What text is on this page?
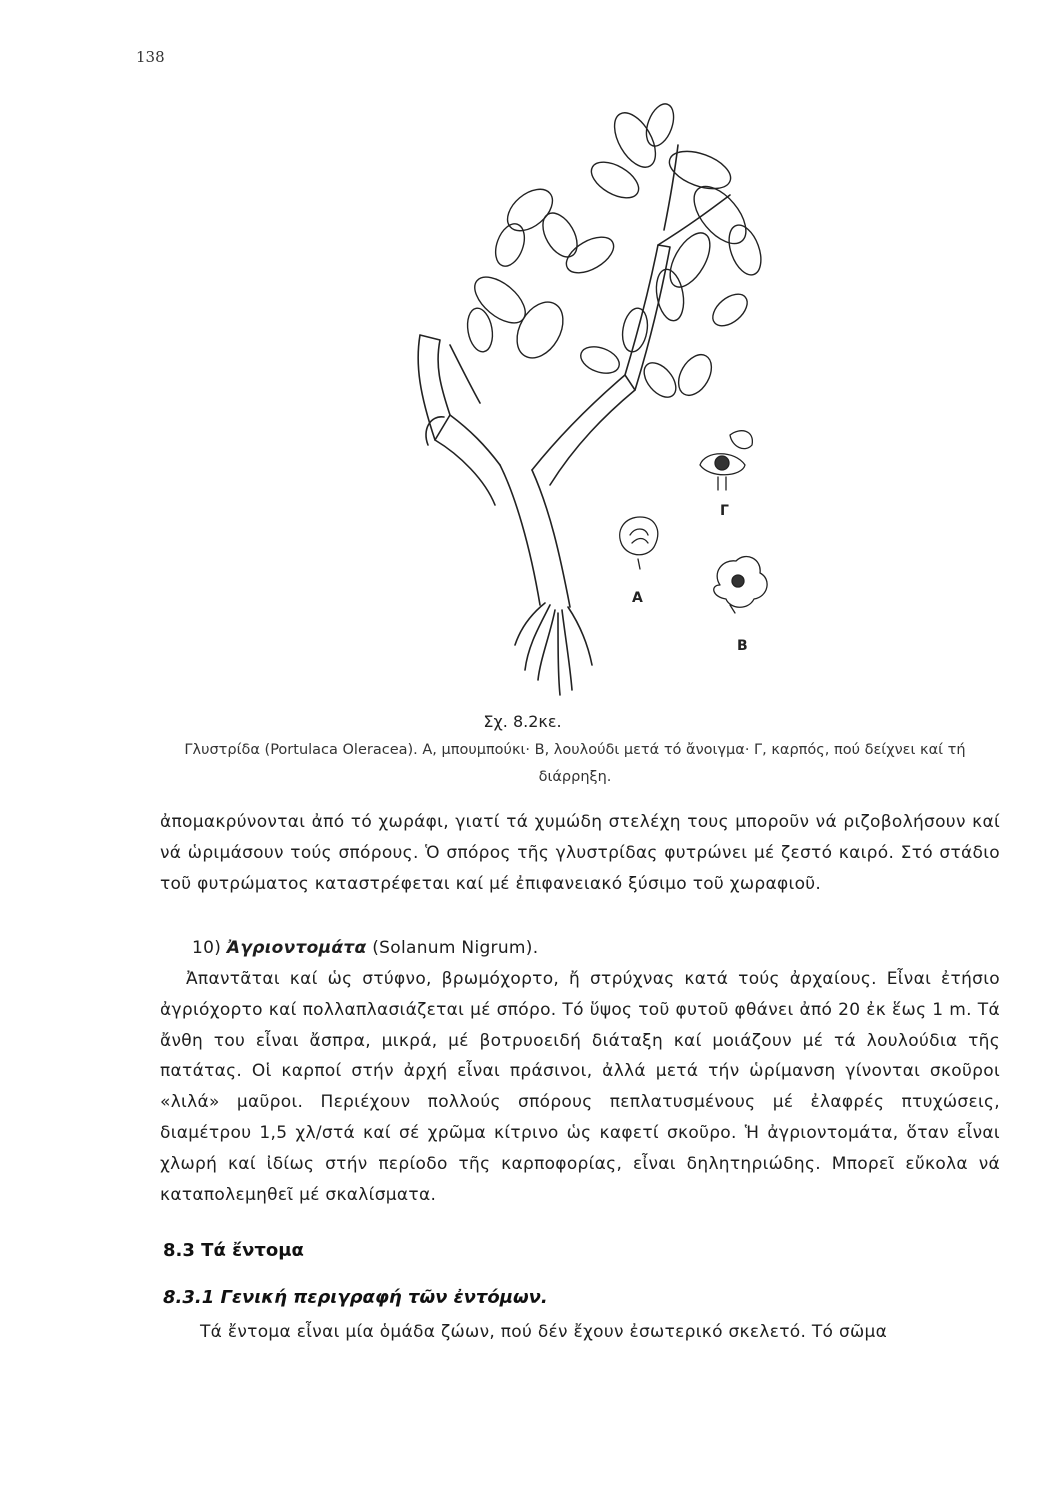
138
Α
Β
Γ
Σχ. 8.2κε.
Γλυστρίδα (Portulaca Oleracea). Α, μπουμπούκι· Β, λουλούδι μετά τό ἄνοιγμα· Γ, καρπός, πού δείχνει καί τή διάρρηξη.

ἀπομακρύνονται ἀπό τό χωράφι, γιατί τά χυμώδη στελέχη τους μποροῦν νά ριζοβολήσουν καί νά ὡριμάσουν τούς σπόρους. Ὁ σπόρος τῆς γλυστρίδας φυτρώνει μέ ζεστό καιρό. Στό στάδιο τοῦ φυτρώματος καταστρέφεται καί μέ ἐπιφανειακό ξύσιμο τοῦ χωραφιοῦ.

10) Ἀγριοντομάτα (Solanum Nigrum).

Ἀπαντᾶται καί ὡς στύφνο, βρωμόχορτο, ἤ στρύχνας κατά τούς ἀρχαίους. Εἶναι ἐτήσιο ἀγριόχορτο καί πολλαπλασιάζεται μέ σπόρο. Τό ὕψος τοῦ φυτοῦ φθάνει ἀπό 20 ἐκ ἕως 1 m. Τά ἄνθη του εἶναι ἄσπρα, μικρά, μέ βοτρυοειδή διάταξη καί μοιάζουν μέ τά λουλούδια τῆς πατάτας. Οἱ καρποί στήν ἀρχή εἶναι πράσινοι, ἀλλά μετά τήν ὡρίμανση γίνονται σκοῦροι «λιλά» μαῦροι. Περιέχουν πολλούς σπόρους πεπλατυσμένους μέ ἐλαφρές πτυχώσεις, διαμέτρου 1,5 χλ/στά καί σέ χρῶμα κίτρινο ὡς καφετί σκοῦρο. Ἡ ἀγριοντομάτα, ὅταν εἶναι χλωρή καί ἰδίως στήν περίοδο τῆς καρποφορίας, εἶναι δηλητηριώδης. Μπορεῖ εὔκολα νά καταπολεμηθεῖ μέ σκαλίσματα.

8.3 Τά ἔντομα
8.3.1 Γενική περιγραφή τῶν ἐντόμων.
Τά ἔντομα εἶναι μία ὁμάδα ζώων, πού δέν ἔχουν ἐσωτερικό σκελετό. Τό σῶμα
